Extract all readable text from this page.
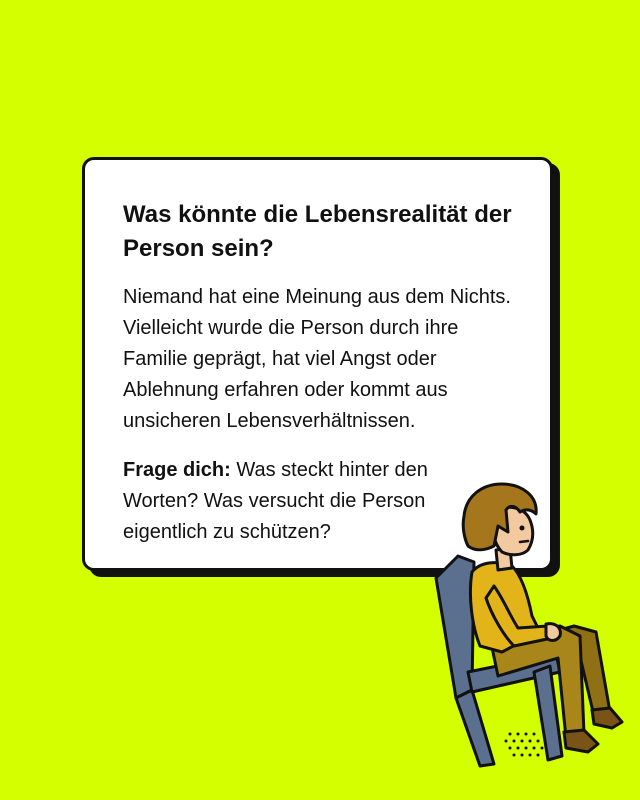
Was könnte die Lebensrealität der Person sein?

Niemand hat eine Meinung aus dem Nichts. Vielleicht wurde die Person durch ihre Familie geprägt, hat viel Angst oder Ablehnung erfahren oder kommt aus unsicheren Lebensverhältnissen.

Frage dich: Was steckt hinter den Worten? Was versucht die Person eigentlich zu schützen?
